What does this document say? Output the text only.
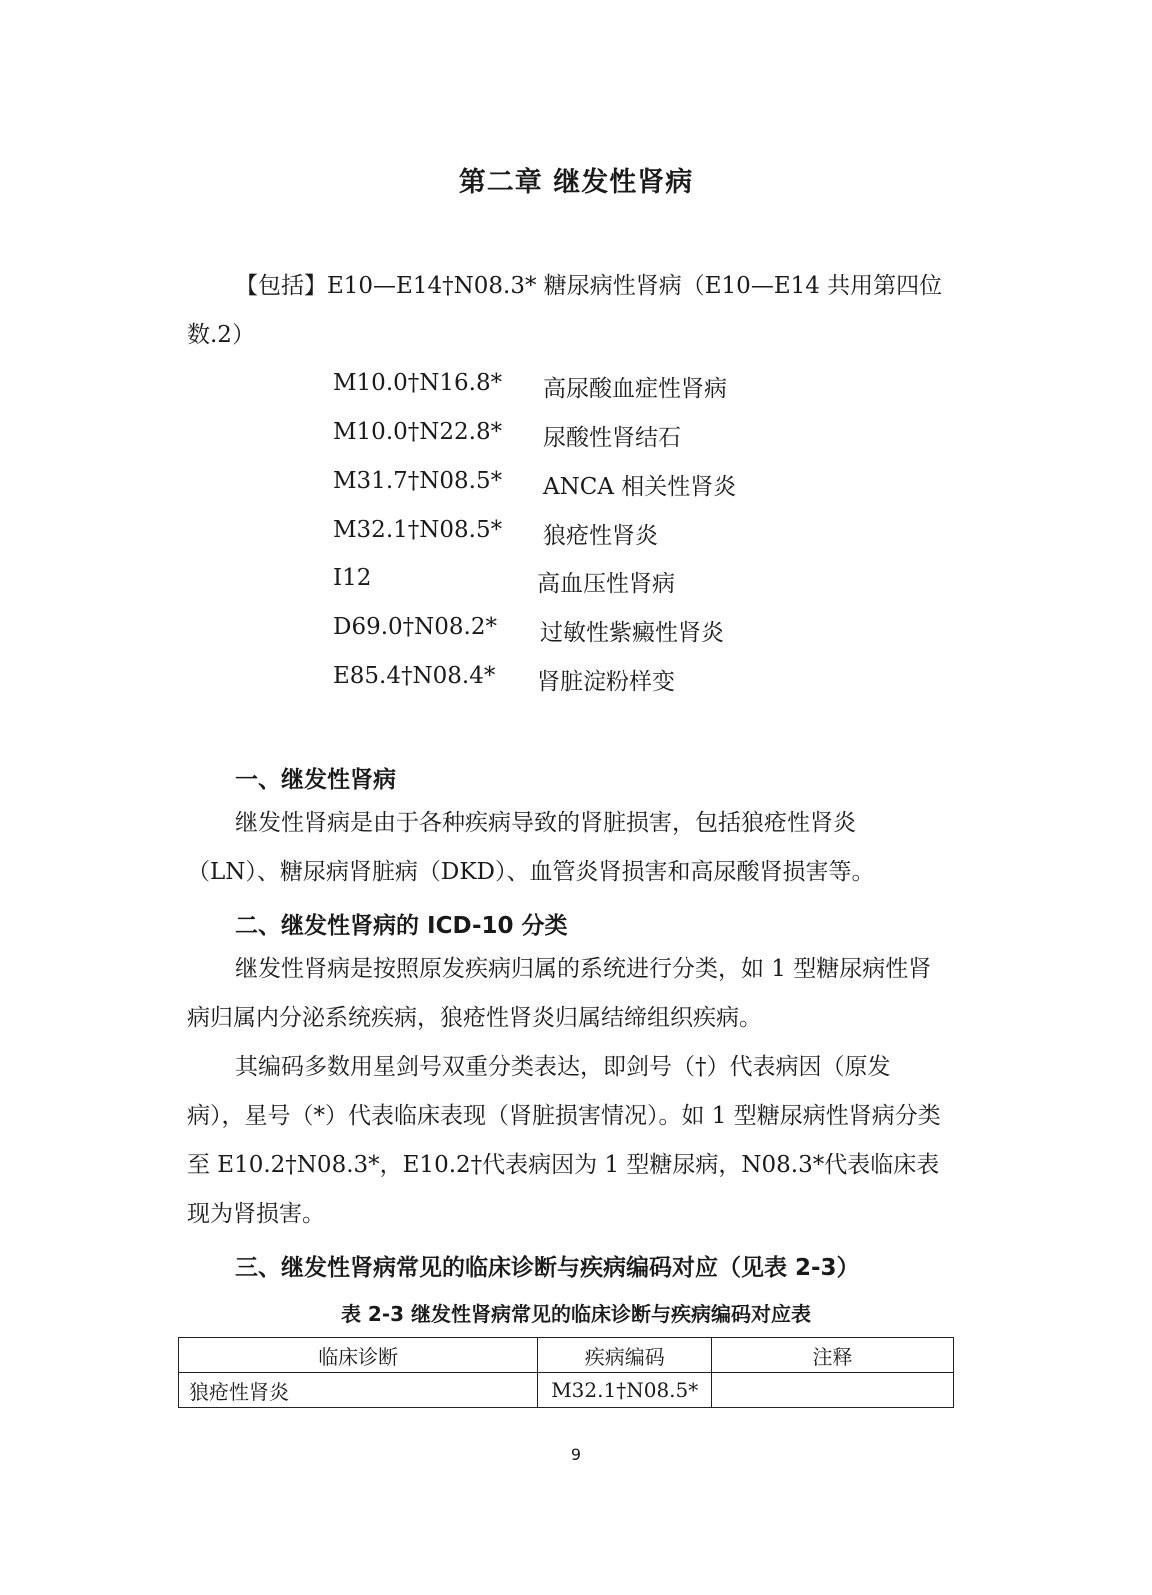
第二章 继发性肾病

【包括】E10—E14†N08.3* 糖尿病性肾病（E10—E14 共用第四位数.2）

M10.0†N16.8* 高尿酸血症性肾病
M10.0†N22.8* 尿酸性肾结石
M31.7†N08.5* ANCA 相关性肾炎
M32.1†N08.5* 狼疮性肾炎
I12	高血压性肾病
D69.0†N08.2* 过敏性紫癜性肾炎
E85.4†N08.4* 肾脏淀粉样变
一、继发性肾病

继发性肾病是由于各种疾病导致的肾脏损害，包括狼疮性肾炎（LN）、糖尿病肾脏病（DKD）、血管炎肾损害和高尿酸肾损害等。

二、继发性肾病的 ICD-10 分类

继发性肾病是按照原发疾病归属的系统进行分类，如 1 型糖尿病性肾病归属内分泌系统疾病，狼疮性肾炎归属结缔组织疾病。

其编码多数用星剑号双重分类表达，即剑号（†）代表病因（原发病），星号（*）代表临床表现（肾脏损害情况）。如 1 型糖尿病性肾病分类至 E10.2†N08.3*，E10.2†代表病因为 1 型糖尿病，N08.3*代表临床表现为肾损害。

三、继发性肾病常见的临床诊断与疾病编码对应（见表 2-3）
表 2-3 继发性肾病常见的临床诊断与疾病编码对应表
临床诊断	疾病编码	注释
狼疮性肾炎	M32.1†N08.5*	
9
